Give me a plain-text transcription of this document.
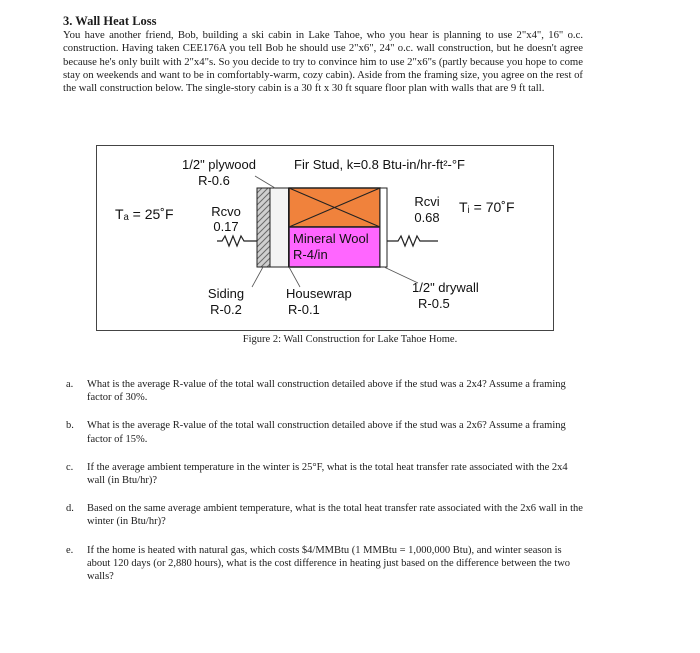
3. Wall Heat Loss

You have another friend, Bob, building a ski cabin in Lake Tahoe, who you hear is planning to use 2"x4", 16" o.c. construction. Having taken CEE176A you tell Bob he should use 2"x6", 24" o.c. wall construction, but he doesn't agree because he's only built with 2"x4"s. So you decide to try to convince him to use 2"x6"s (partly because you hope to come stay on weekends and want to be in comfortably-warm, cozy cabin). Aside from the framing size, you agree on the rest of the wall construction below. The single-story cabin is a 30 ft x 30 ft square floor plan with walls that are 9 ft tall.

1/2" plywood
R-0.6
Fir Stud, k=0.8 Btu-in/hr-ft²-°F
Tₐ = 25˚F	Rcvo
0.17
Rcvi
0.68
Tᵢ = 70˚F
Mineral Wool
R-4/in
Siding
R-0.2
Housewrap
R-0.1
1/2" drywall
R-0.5

Figure 2: Wall Construction for Lake Tahoe Home.

a. What is the average R-value of the total wall construction detailed above if the stud was a 2x4? Assume a framing factor of 30%.
b. What is the average R-value of the total wall construction detailed above if the stud was a 2x6? Assume a framing factor of 15%.
c. If the average ambient temperature in the winter is 25°F, what is the total heat transfer rate associated with the 2x4 wall (in Btu/hr)?
d. Based on the same average ambient temperature, what is the total heat transfer rate associated with the 2x6 wall in the winter (in Btu/hr)?
e. If the home is heated with natural gas, which costs $4/MMBtu (1 MMBtu = 1,000,000 Btu), and winter season is about 120 days (or 2,880 hours), what is the cost difference in heating just based on the difference between the two walls?
